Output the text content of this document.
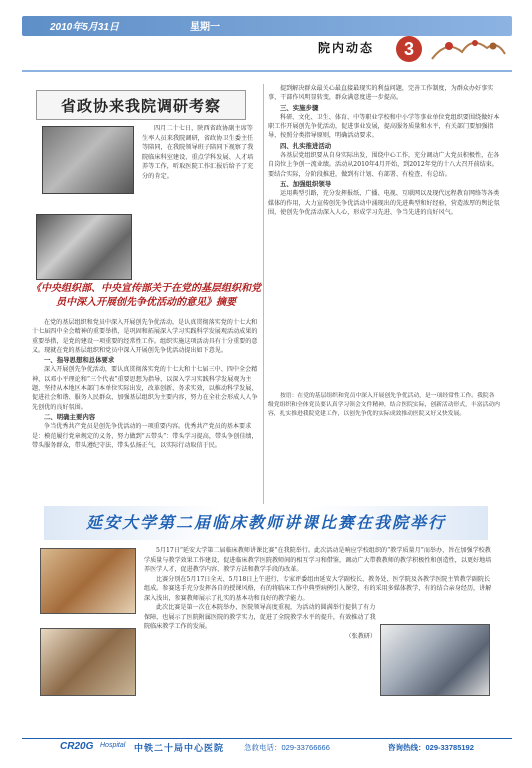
2010年5月31日	星期一
院内动态	3
省政协来我院调研考察

四月二十七日，陕西省政协副主席等生率人员来我院调研，省政协卫生委主任等陪同，在我院领导班子陪同下视察了我院临床科室建设、重点学科发展、人才培养等工作，听取医院工作汇报后给予了充分的肯定。

《中央组织部、中央宣传部关于在党的基层组织和党员中深入开展创先争优活动的意见》摘要

在党的基层组织和党员中深入开展创先争优活动，是认真贯彻落实党的十七大和十七届四中全会精神的重要举措，是巩固和拓展深入学习实践科学发展观活动成果的重要举措，是党的建设一项重要的经常性工作。组织实施这项活动具有十分重要的意义。现就在党的基层组织和党员中深入开展创先争优活动提出如下意见。

一、指导思想和总体要求

深入开展创先争优活动，要认真贯彻落实党的十七大和十七届三中、四中全会精神，以邓小平理论和“三个代表”重要思想为指导，以深入学习实践科学发展观为主题，坚持从本地区本部门本单位实际出发，改革创新、务求实效，以推动科学发展、促进社会和谐、服务人民群众、加强基层组织为主要内容，努力在全社会形成人人争先创优的良好氛围。

二、明确主要内容

争当优秀共产党员是创先争优活动的一项重要内容。优秀共产党员的基本要求是：模范履行党章规定的义务，努力做到“五带头”：带头学习提高，带头争创佳绩，带头服务群众，带头遵纪守法，带头弘扬正气，以实际行动取信于民。

提到解决群众最关心最直接最现实的利益问题，完善工作制度，为群众办好事实事，干部作风明显转变，群众满意度进一步提高。

三、实施步骤

科研、文化、卫生、体育、中等职业学校和中小学等事业单位党组织要围绕做好本职工作开展创先争优活动，促进事业发展，提高服务质量和水平，有关部门要加强指导，按照分类指导原则，明确活动要求。

四、扎实推进活动

各基层党组织要从自身实际出发，围绕中心工作，充分调动广大党员积极性，在各自岗位上争创一流业绩。活动从2010年4月开始，到2012年党的十八大召开前结束。要结合实际，分阶段推进，做到有计划、有部署、有检查、有总结。

五、加强组织领导

运用典型引路，充分发挥报纸、广播、电视、互联网以及现代远程教育网络等各类媒体的作用，大力宣传创先争优活动中涌现出的先进典型和好经验，营造浓厚的舆论氛围，使创先争优活动深入人心，形成学习先进、争当先进的良好风气。

按语：在党的基层组织和党员中深入开展创先争优活动，是一项经常性工作。我院各级党组织和全体党员要认真学习领会文件精神，结合医院实际，创新活动形式，丰富活动内容，扎实推进我院党建工作，以创先争优的实际成效推动医院又好又快发展。

延安大学第二届临床教师讲课比赛在我院举行

5月17日“延安大学第二届临床教师讲课比赛”在我院举行。此次活动是响应学校组织的“教学质量月”而举办，旨在加强学校教学质量与教学效果工作建设，促进临床教学医院教师间的相互学习和借鉴，调动广大带教教师的教学积极性和创造性，以更好地培养医学人才，促进教学内容、教学方法和教学手段的改革。

比赛分别在5月17日全天、5月18日上午进行，专家评委组由延安大学副校长、教务处、医学院及各教学医院主管教学副院长组成。参赛选手充分发挥各自的授课风格，有的将临床工作中典型病例引入课堂，有的采用多媒体教学，有的结合亲身经历，讲解深入浅出，参赛教师展示了扎实的基本功和良好的教学能力。

此次比赛是第一次在本院举办，医院领导高度重视，为活动的圆满举行提供了有力保障，也展示了医院附属医院的教学实力，促进了全院教学水平的提升，有效推动了我院临床教学工作的发展。

（张教研）

CR20G Hospital 中铁二十局中心医院	急救电话：029-33766666	咨询热线：029-33785192
